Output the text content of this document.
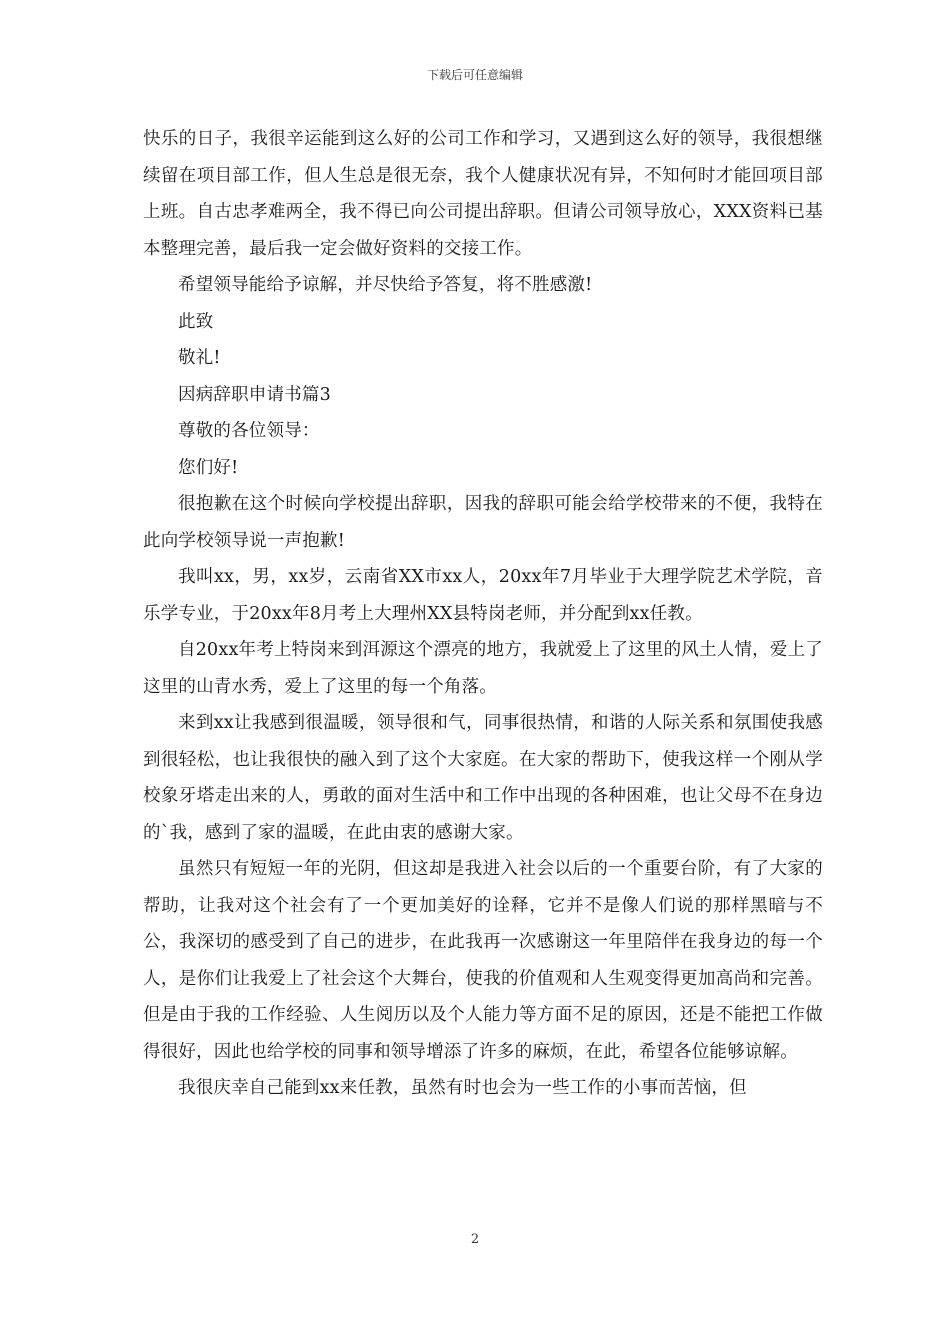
下载后可任意编辑

快乐的日子，我很辛运能到这么好的公司工作和学习，又遇到这么好的领导，我很想继续留在项目部工作，但人生总是很无奈，我个人健康状况有异，不知何时才能回项目部上班。自古忠孝难两全，我不得已向公司提出辞职。但请公司领导放心，XXX资料已基本整理完善，最后我一定会做好资料的交接工作。

希望领导能给予谅解，并尽快给予答复，将不胜感激!

此致

敬礼!

因病辞职申请书篇3

尊敬的各位领导：

您们好!

很抱歉在这个时候向学校提出辞职，因我的辞职可能会给学校带来的不便，我特在此向学校领导说一声抱歉!

我叫xx，男，xx岁，云南省XX市xx人，20xx年7月毕业于大理学院艺术学院，音乐学专业，于20xx年8月考上大理州XX县特岗老师，并分配到xx任教。

自20xx年考上特岗来到洱源这个漂亮的地方，我就爱上了这里的风土人情，爱上了这里的山青水秀，爱上了这里的每一个角落。

来到xx让我感到很温暖，领导很和气，同事很热情，和谐的人际关系和氛围使我感到很轻松，也让我很快的融入到了这个大家庭。在大家的帮助下，使我这样一个刚从学校象牙塔走出来的人，勇敢的面对生活中和工作中出现的各种困难，也让父母不在身边的`我，感到了家的温暖，在此由衷的感谢大家。

虽然只有短短一年的光阴，但这却是我进入社会以后的一个重要台阶，有了大家的帮助，让我对这个社会有了一个更加美好的诠释，它并不是像人们说的那样黑暗与不公，我深切的感受到了自己的进步，在此我再一次感谢这一年里陪伴在我身边的每一个人，是你们让我爱上了社会这个大舞台，使我的价值观和人生观变得更加高尚和完善。但是由于我的工作经验、人生阅历以及个人能力等方面不足的原因，还是不能把工作做得很好，因此也给学校的同事和领导增添了许多的麻烦，在此，希望各位能够谅解。

我很庆幸自己能到xx来任教，虽然有时也会为一些工作的小事而苦恼，但

2
